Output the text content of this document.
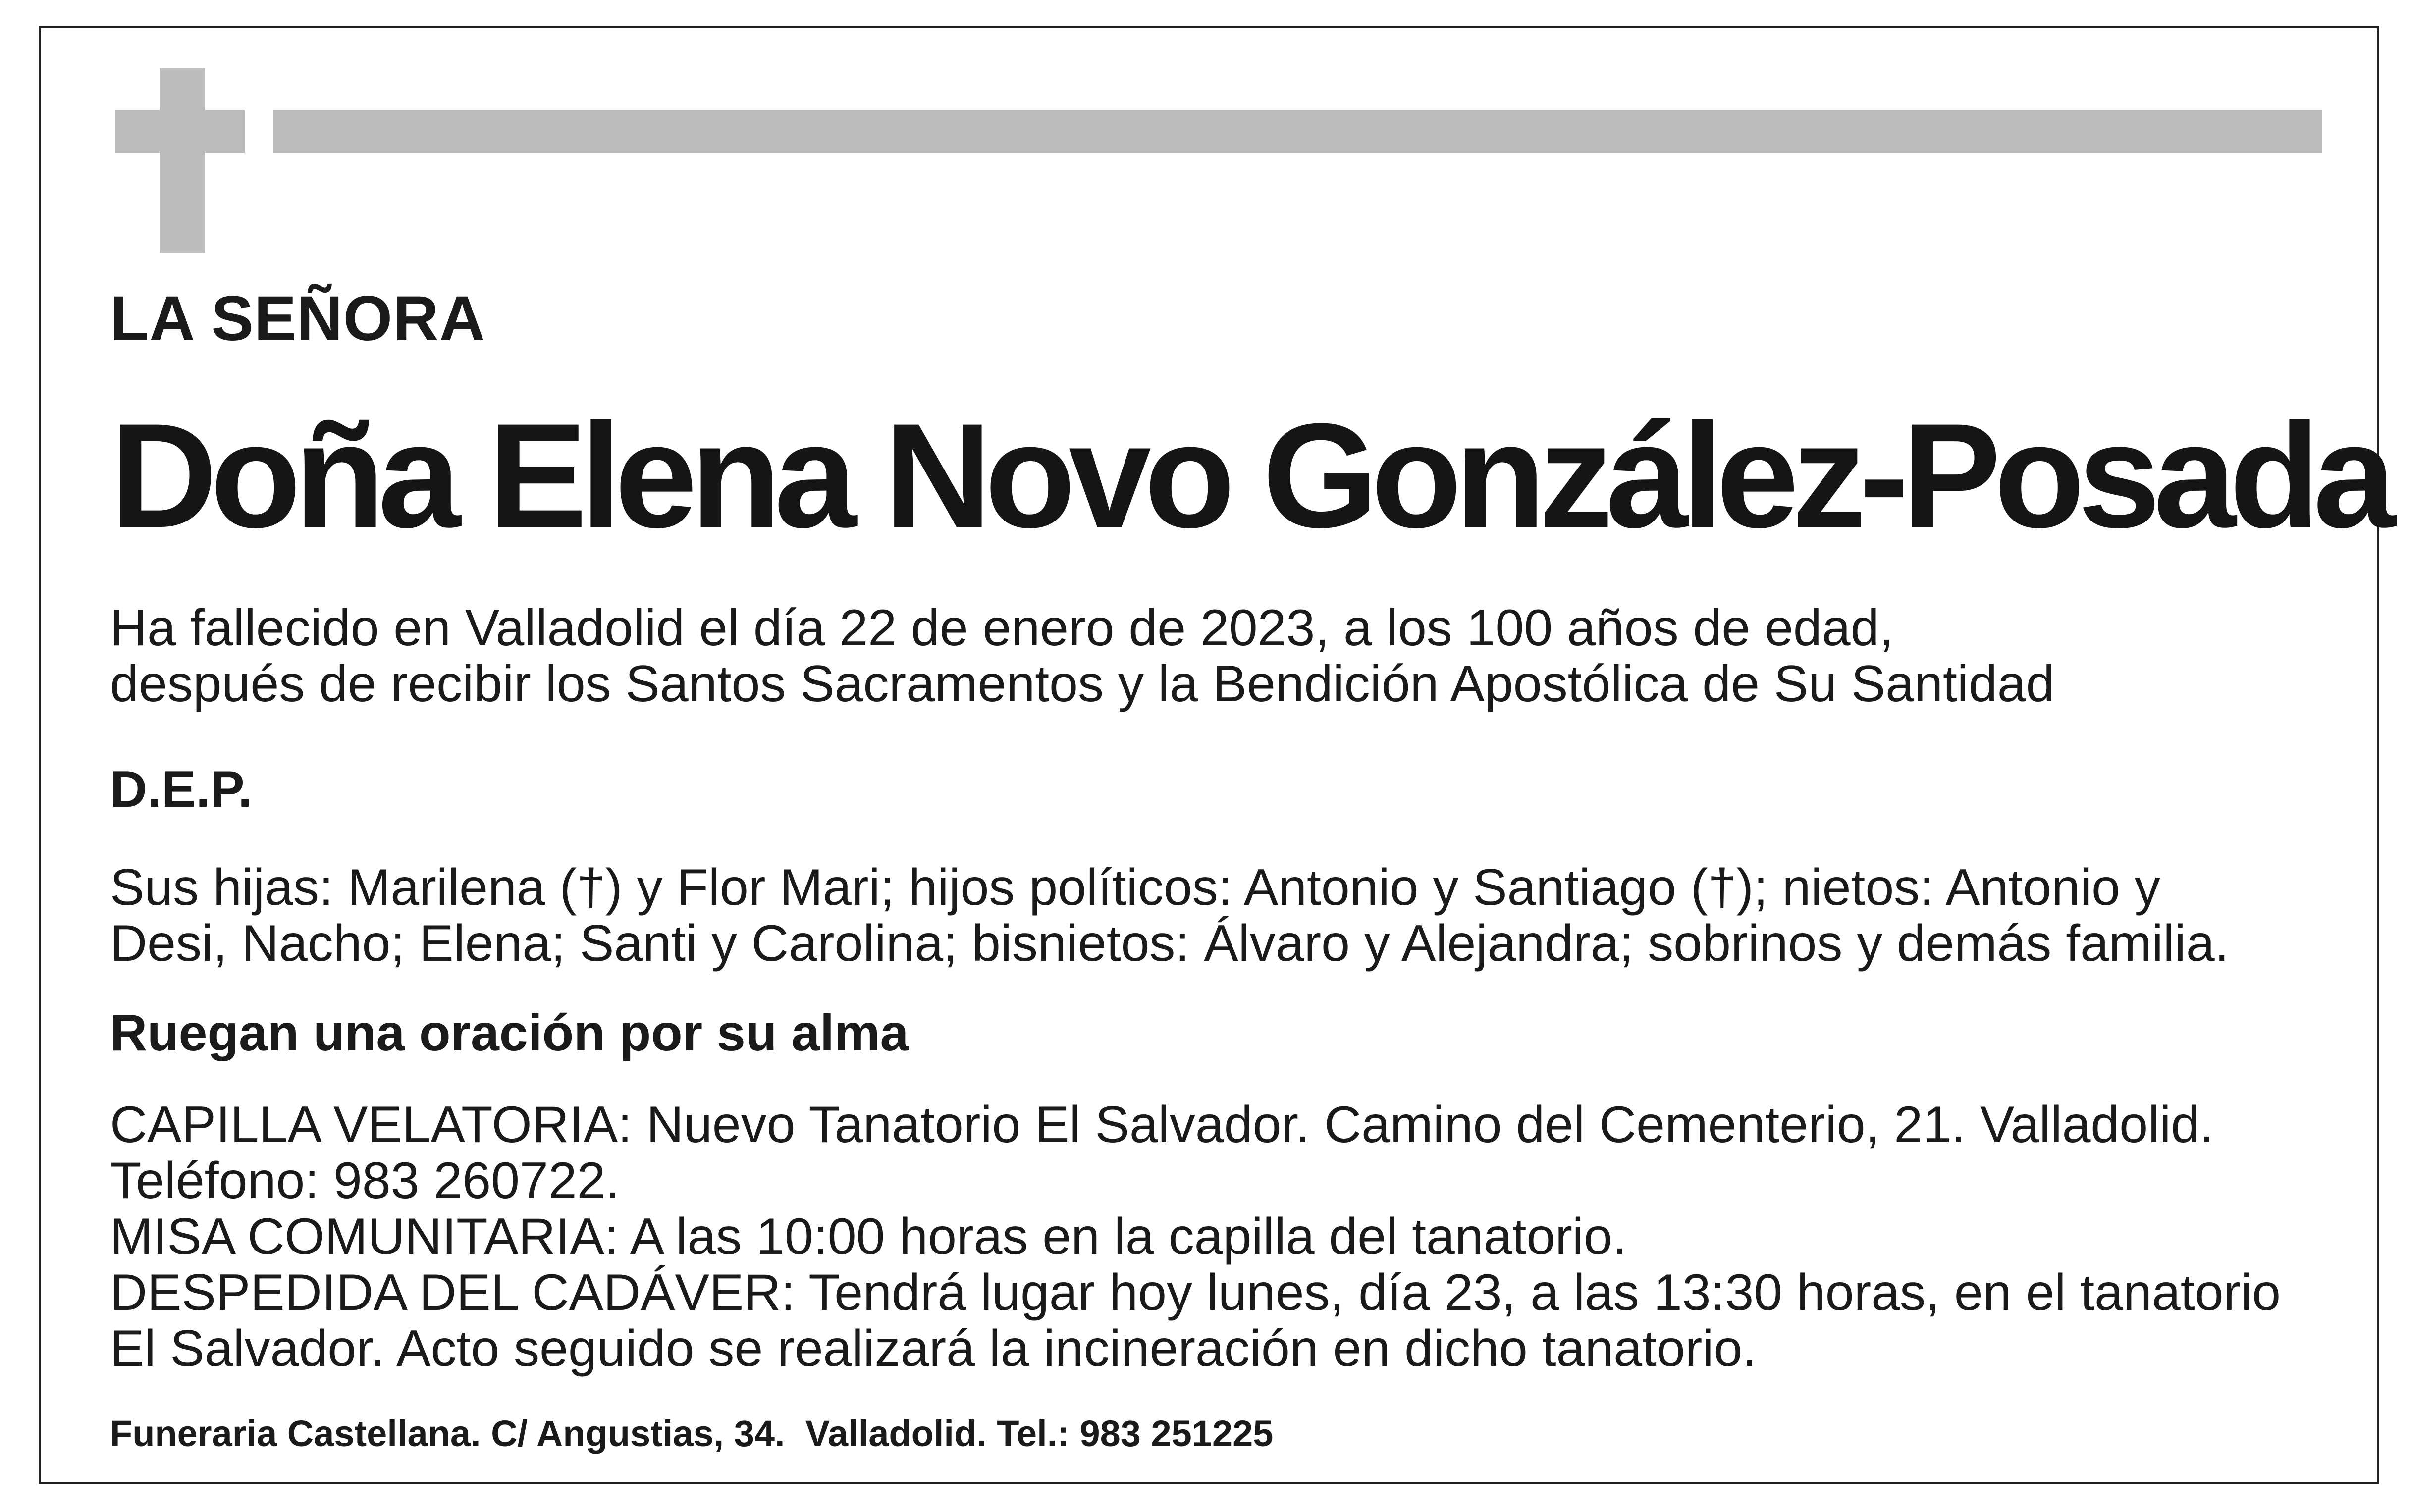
LA SEÑORA
Doña Elena Novo González-Posada
Ha fallecido en Valladolid el día 22 de enero de 2023, a los 100 años de edad,
después de recibir los Santos Sacramentos y la Bendición Apostólica de Su Santidad
D.E.P.
Sus hijas: Marilena (†) y Flor Mari; hijos políticos: Antonio y Santiago (†); nietos: Antonio y
Desi, Nacho; Elena; Santi y Carolina; bisnietos: Álvaro y Alejandra; sobrinos y demás familia.
Ruegan una oración por su alma
CAPILLA VELATORIA: Nuevo Tanatorio El Salvador. Camino del Cementerio, 21. Valladolid.
Teléfono: 983 260722.
MISA COMUNITARIA: A las 10:00 horas en la capilla del tanatorio.
DESPEDIDA DEL CADÁVER: Tendrá lugar hoy lunes, día 23, a las 13:30 horas, en el tanatorio
El Salvador. Acto seguido se realizará la incineración en dicho tanatorio.
Funeraria Castellana. C/ Angustias, 34.  Valladolid. Tel.: 983 251225
